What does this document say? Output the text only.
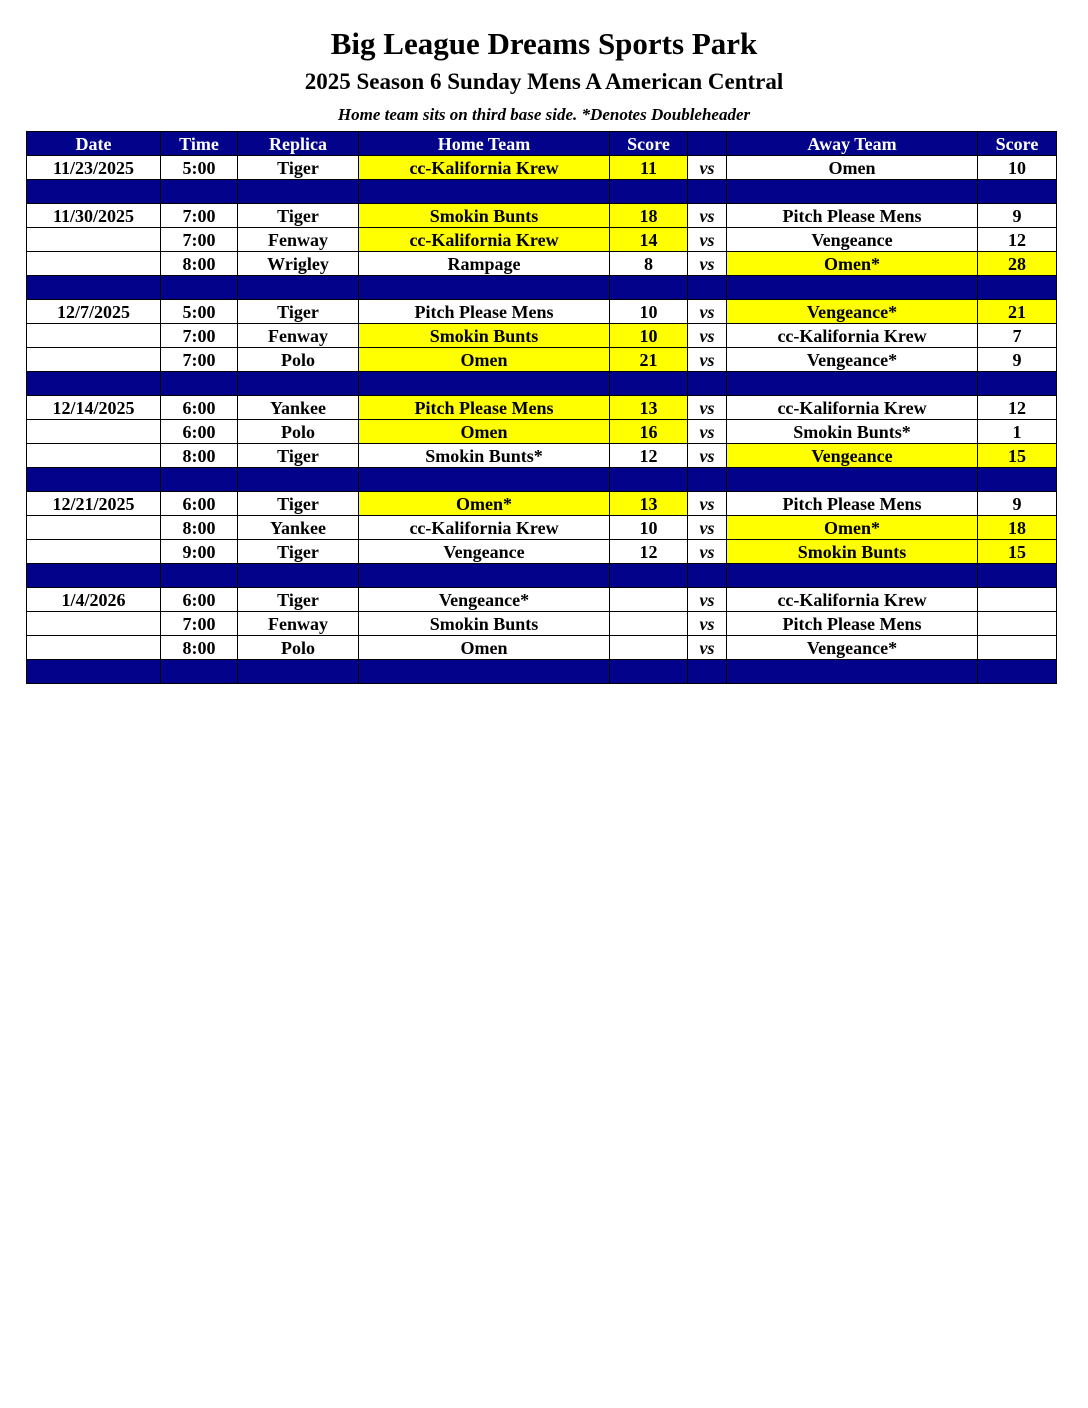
Big League Dreams Sports Park
2025 Season 6 Sunday Mens A American Central
Home team sits on third base side. *Denotes Doubleheader
Date	Time	Replica	Home Team	Score		Away Team	Score
11/23/2025	5:00	Tiger	cc-Kalifornia Krew	11	vs	Omen	10

11/30/2025	7:00	Tiger	Smokin Bunts	18	vs	Pitch Please Mens	9
	7:00	Fenway	cc-Kalifornia Krew	14	vs	Vengeance	12
	8:00	Wrigley	Rampage	8	vs	Omen*	28

12/7/2025	5:00	Tiger	Pitch Please Mens	10	vs	Vengeance*	21
	7:00	Fenway	Smokin Bunts	10	vs	cc-Kalifornia Krew	7
	7:00	Polo	Omen	21	vs	Vengeance*	9

12/14/2025	6:00	Yankee	Pitch Please Mens	13	vs	cc-Kalifornia Krew	12
	6:00	Polo	Omen	16	vs	Smokin Bunts*	1
	8:00	Tiger	Smokin Bunts*	12	vs	Vengeance	15

12/21/2025	6:00	Tiger	Omen*	13	vs	Pitch Please Mens	9
	8:00	Yankee	cc-Kalifornia Krew	10	vs	Omen*	18
	9:00	Tiger	Vengeance	12	vs	Smokin Bunts	15

1/4/2026	6:00	Tiger	Vengeance*		vs	cc-Kalifornia Krew	
	7:00	Fenway	Smokin Bunts		vs	Pitch Please Mens	
	8:00	Polo	Omen		vs	Vengeance*	
